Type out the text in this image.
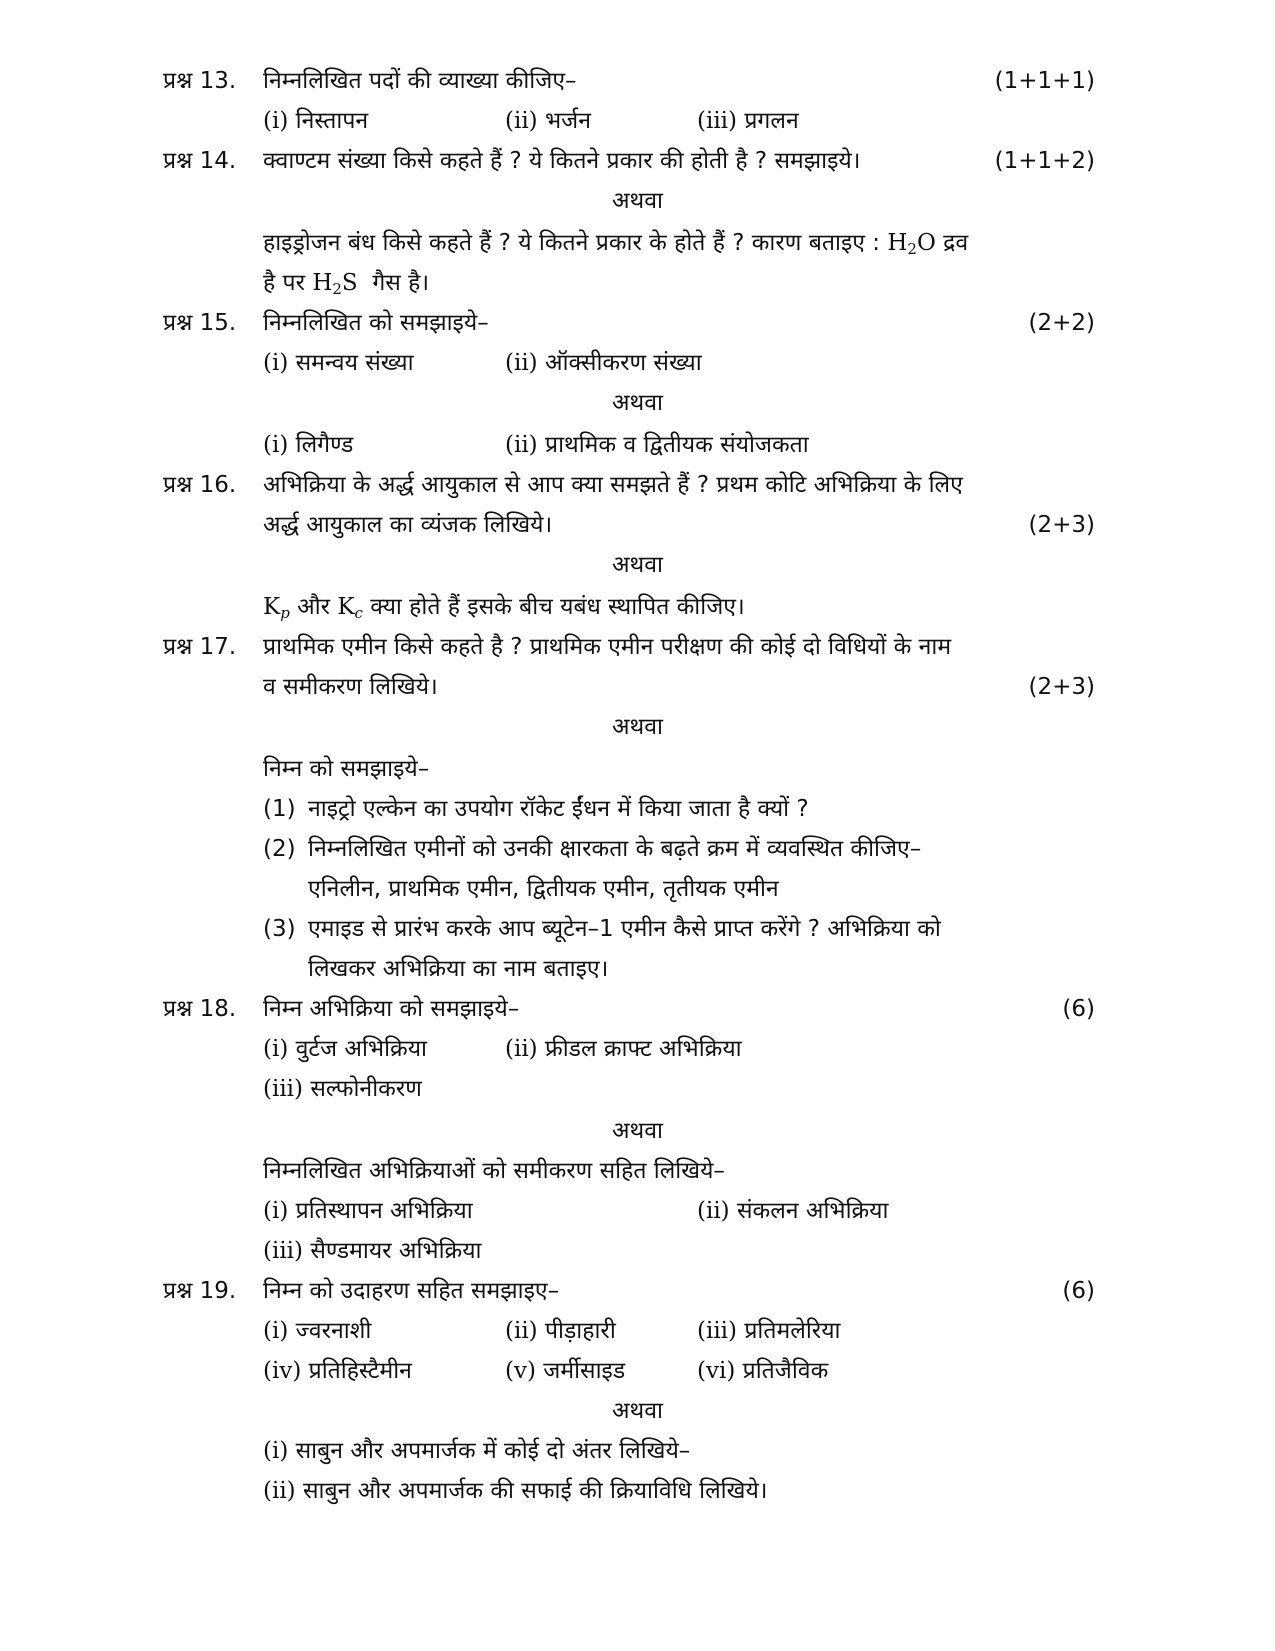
प्रश्न 13. निम्नलिखित पदों की व्याख्या कीजिए–	(1+1+1)
(i) निस्तापन	(ii) भर्जन	(iii) प्रगलन
प्रश्न 14. क्वाण्टम संख्या किसे कहते हैं ? ये कितने प्रकार की होती है ? समझाइये।	(1+1+2)
अथवा
हाइड्रोजन बंध किसे कहते हैं ? ये कितने प्रकार के होते हैं ? कारण बताइए : $H_2O$ द्रव
है पर $H_2S$ गैस है।
प्रश्न 15. निम्नलिखित को समझाइये–	(2+2)
(i) समन्वय संख्या	(ii) ऑक्सीकरण संख्या
अथवा
(i) लिगैण्ड	(ii) प्राथमिक व द्वितीयक संयोजकता
प्रश्न 16. अभिक्रिया के अर्द्ध आयुकाल से आप क्या समझते हैं ? प्रथम कोटि अभिक्रिया के लिए
अर्द्ध आयुकाल का व्यंजक लिखिये।	(2+3)
अथवा
$K_p$ और $K_c$ क्या होते हैं इसके बीच यबंध स्थापित कीजिए।
प्रश्न 17. प्राथमिक एमीन किसे कहते है ? प्राथमिक एमीन परीक्षण की कोई दो विधियों के नाम
व समीकरण लिखिये।	(2+3)
अथवा
निम्न को समझाइये–
(1) नाइट्रो एल्केन का उपयोग रॉकेट ईंधन में किया जाता है क्यों ?
(2) निम्नलिखित एमीनों को उनकी क्षारकता के बढ़ते क्रम में व्यवस्थित कीजिए–
एनिलीन, प्राथमिक एमीन, द्वितीयक एमीन, तृतीयक एमीन
(3) एमाइड से प्रारंभ करके आप ब्यूटेन–1 एमीन कैसे प्राप्त करेंगे ? अभिक्रिया को
लिखकर अभिक्रिया का नाम बताइए।
प्रश्न 18. निम्न अभिक्रिया को समझाइये–	(6)
(i) वुर्टज अभिक्रिया	(ii) फ्रीडल क्राफ्ट अभिक्रिया
(iii) सल्फोनीकरण
अथवा
निम्नलिखित अभिक्रियाओं को समीकरण सहित लिखिये–
(i) प्रतिस्थापन अभिक्रिया	(ii) संकलन अभिक्रिया
(iii) सैण्डमायर अभिक्रिया
प्रश्न 19. निम्न को उदाहरण सहित समझाइए–	(6)
(i) ज्वरनाशी	(ii) पीड़ाहारी	(iii) प्रतिमलेरिया
(iv) प्रतिहिस्टैमीन	(v) जर्मीसाइड	(vi) प्रतिजैविक
अथवा
(i) साबुन और अपमार्जक में कोई दो अंतर लिखिये–
(ii) साबुन और अपमार्जक की सफाई की क्रियाविधि लिखिये।
